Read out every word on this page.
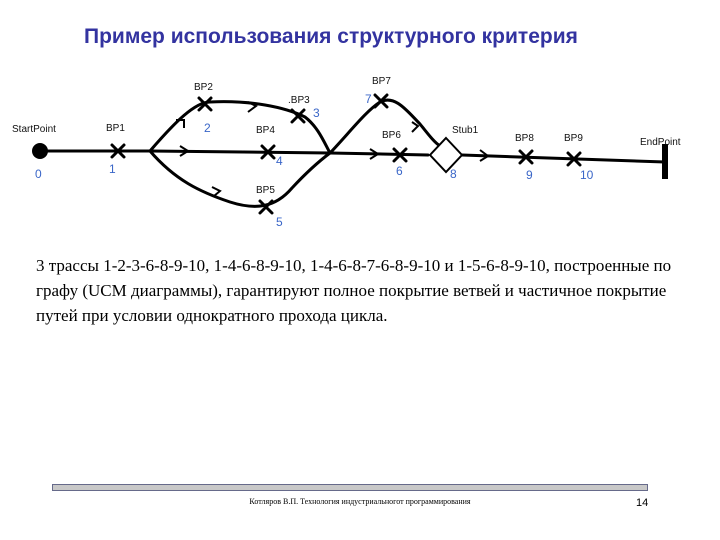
Пример использования структурного критерия
StartPoint	BP1
BP2
.BP3
BP4
BP5
BP6
BP7
Stub1
BP8	BP9	EndPoint
0	1
2
3
4
5
6
7
8	9	10
3 трассы 1-2-3-6-8-9-10, 1-4-6-8-9-10, 1-4-6-8-7-6-8-9-10 и 1-5-6-8-9-10, построенные по графу (UCM диаграммы), гарантируют полное покрытие ветвей и частичное покрытие путей при условии однократного прохода цикла.
Котляров В.П. Технология индустриальногот программирования	14
